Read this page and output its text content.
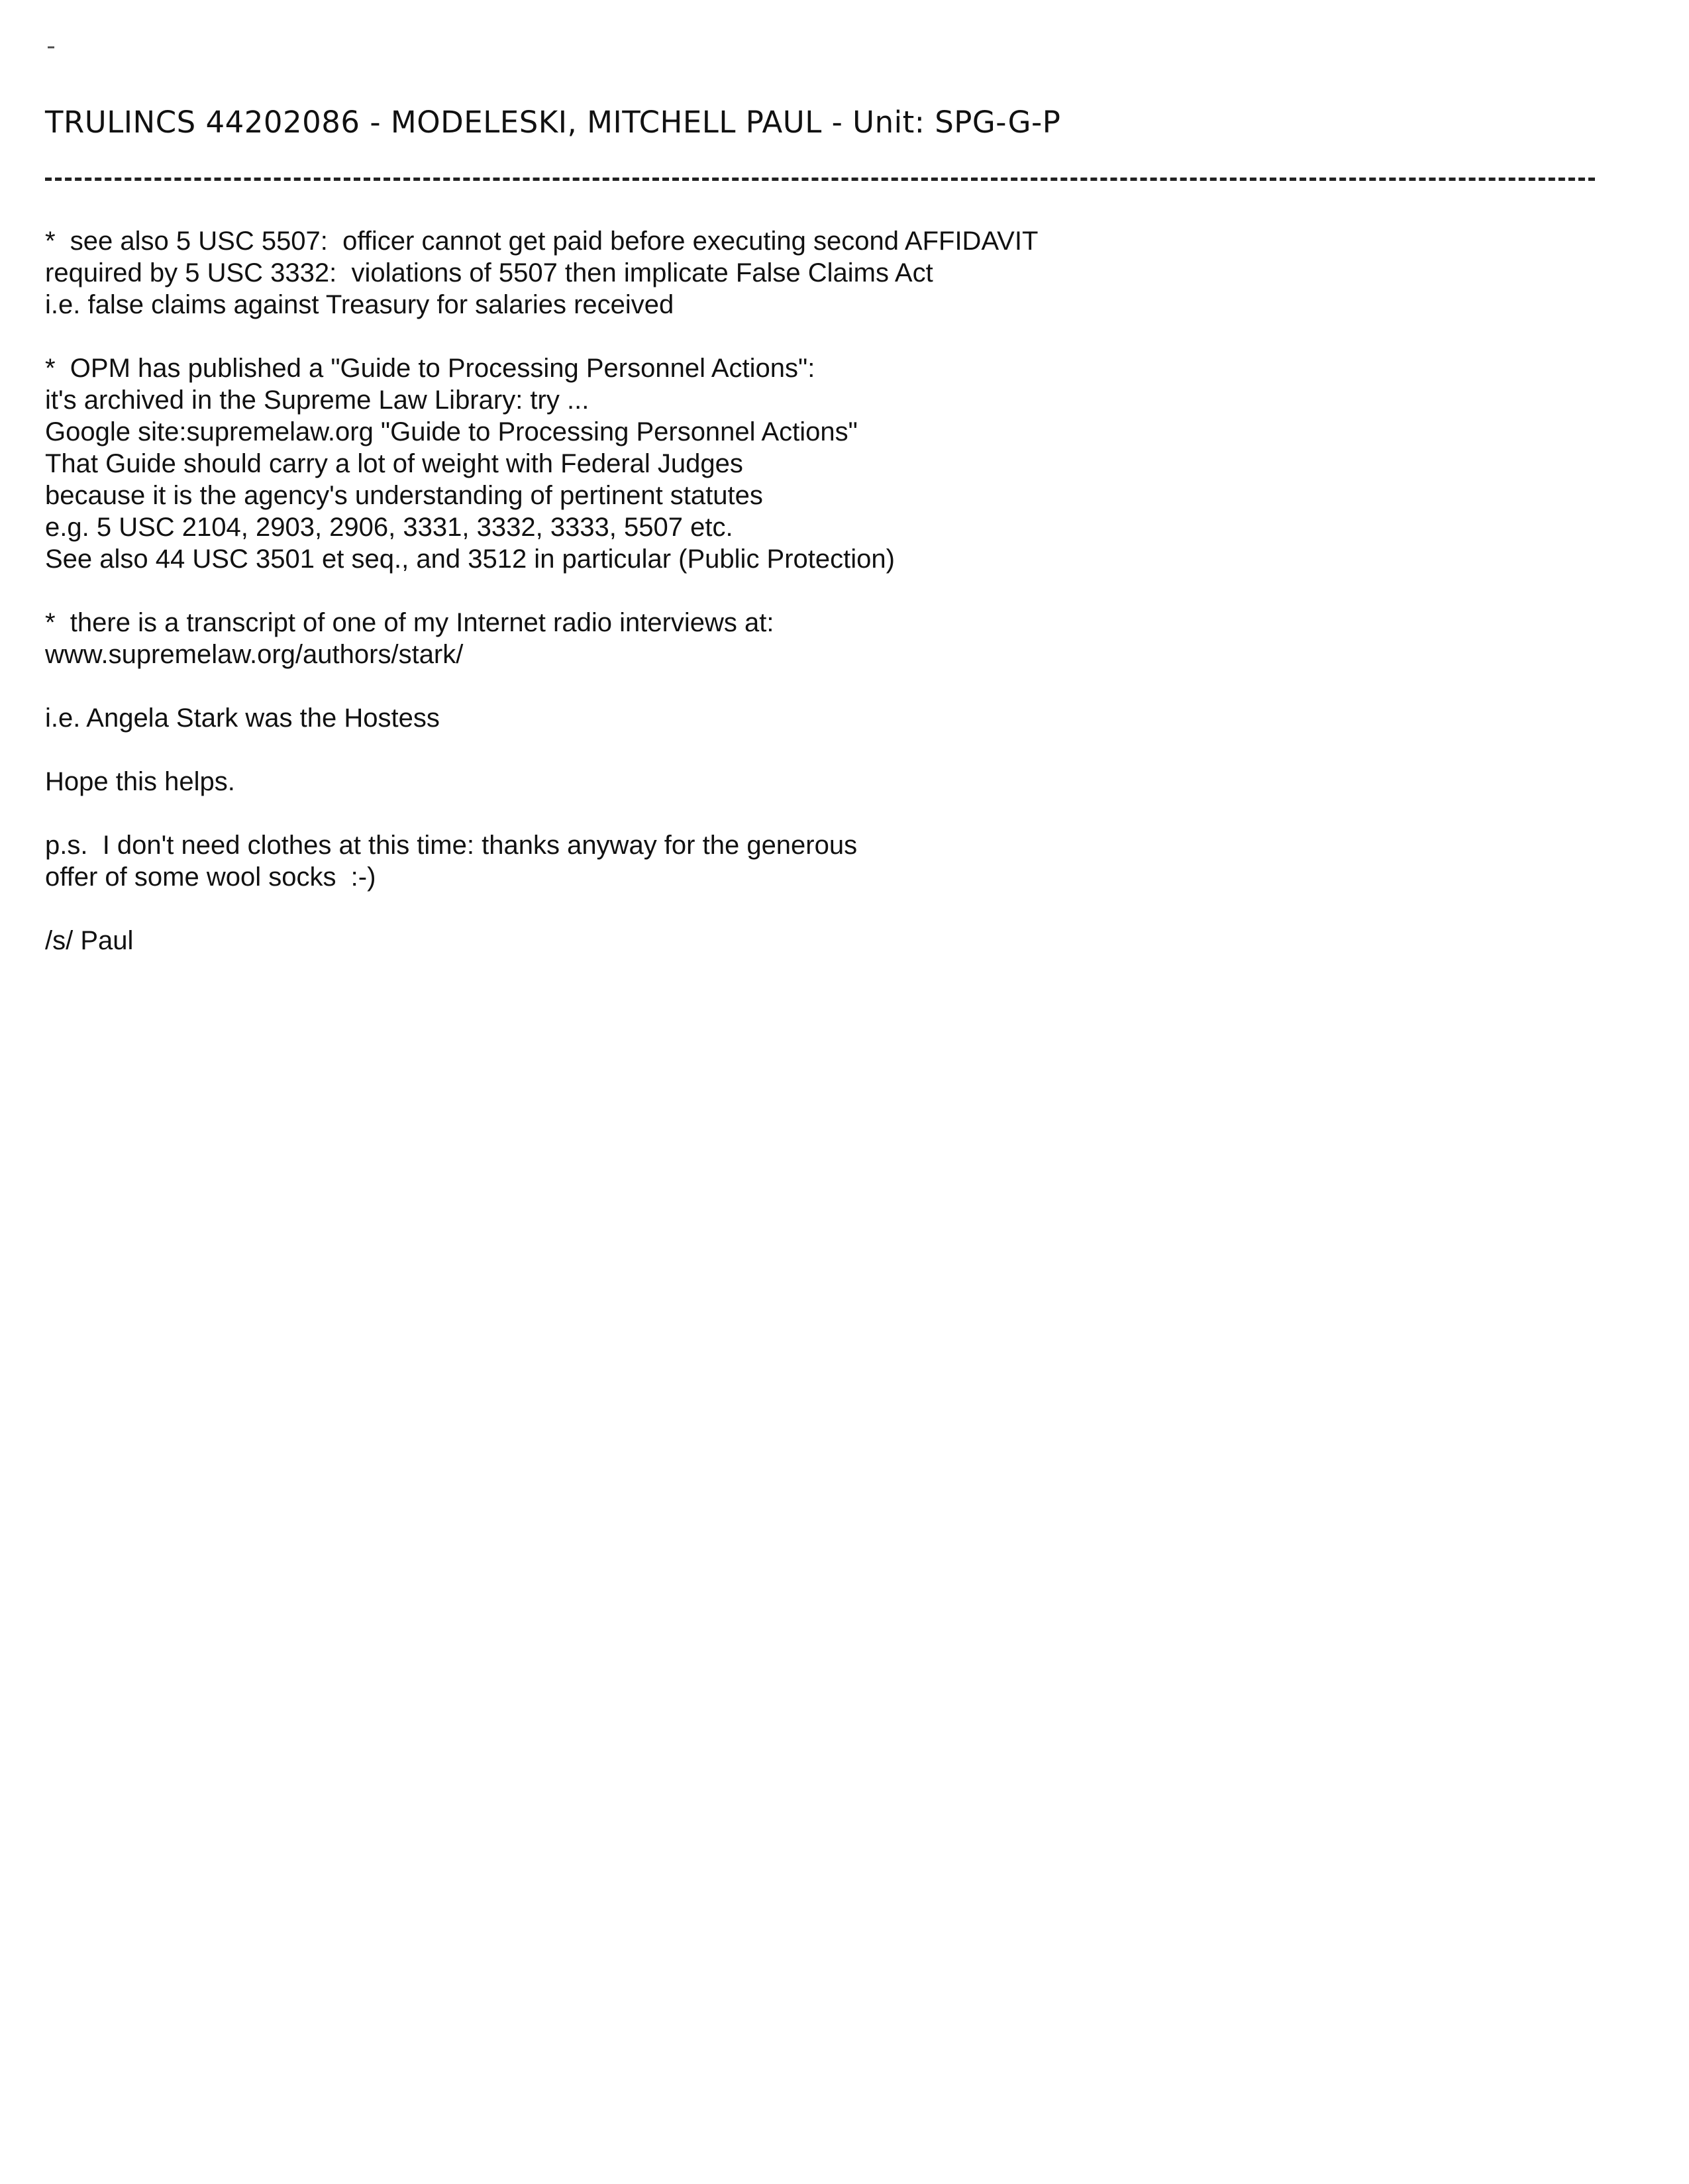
TRULINCS 44202086 - MODELESKI, MITCHELL PAUL - Unit: SPG-G-P
*  see also 5 USC 5507:  officer cannot get paid before executing second AFFIDAVIT
required by 5 USC 3332:  violations of 5507 then implicate False Claims Act
i.e. false claims against Treasury for salaries received
*  OPM has published a "Guide to Processing Personnel Actions":
it's archived in the Supreme Law Library: try ...
Google site:supremelaw.org "Guide to Processing Personnel Actions"
That Guide should carry a lot of weight with Federal Judges
because it is the agency's understanding of pertinent statutes
e.g. 5 USC 2104, 2903, 2906, 3331, 3332, 3333, 5507 etc.
See also 44 USC 3501 et seq., and 3512 in particular (Public Protection)
*  there is a transcript of one of my Internet radio interviews at:
www.supremelaw.org/authors/stark/
i.e. Angela Stark was the Hostess
Hope this helps.
p.s.  I don't need clothes at this time: thanks anyway for the generous
offer of some wool socks  :-)
/s/ Paul
